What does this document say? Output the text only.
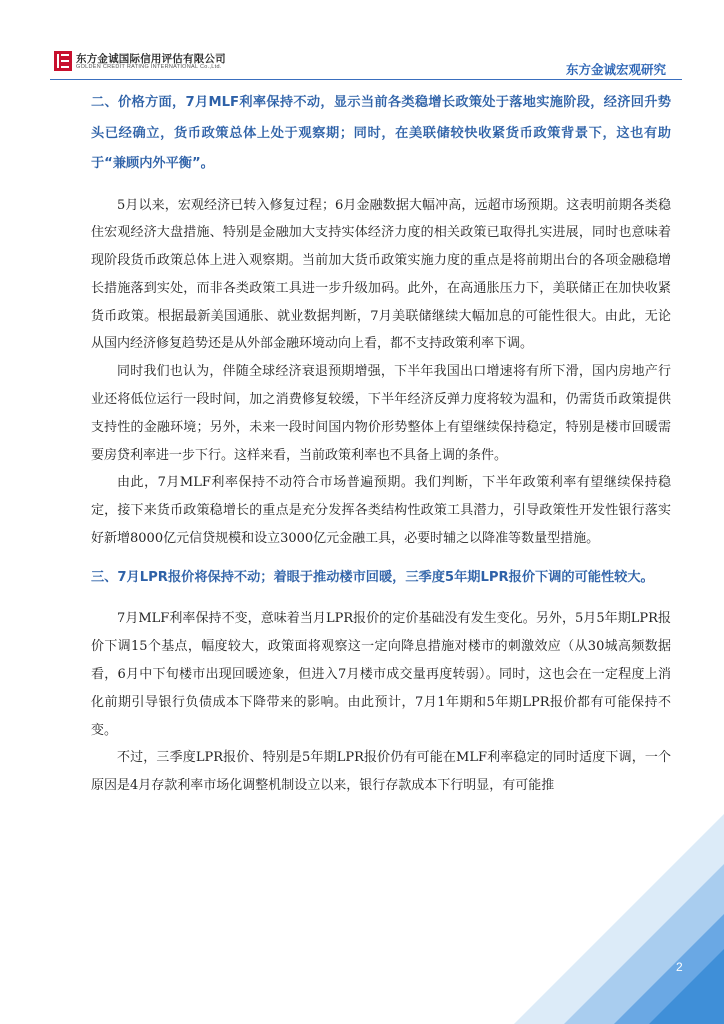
东方金诚国际信用评估有限公司
GOLDEN CREDIT RATING INTERNATIONAL Co.,Ltd.	东方金诚宏观研究

二、价格方面，7月MLF利率保持不动，显示当前各类稳增长政策处于落地实施阶段，经济回升势头已经确立，货币政策总体上处于观察期；同时，在美联储较快收紧货币政策背景下，这也有助于“兼顾内外平衡”。

5月以来，宏观经济已转入修复过程；6月金融数据大幅冲高，远超市场预期。这表明前期各类稳住宏观经济大盘措施、特别是金融加大支持实体经济力度的相关政策已取得扎实进展，同时也意味着现阶段货币政策总体上进入观察期。当前加大货币政策实施力度的重点是将前期出台的各项金融稳增长措施落到实处，而非各类政策工具进一步升级加码。此外，在高通胀压力下，美联储正在加快收紧货币政策。根据最新美国通胀、就业数据判断，7月美联储继续大幅加息的可能性很大。由此，无论从国内经济修复趋势还是从外部金融环境动向上看，都不支持政策利率下调。

同时我们也认为，伴随全球经济衰退预期增强，下半年我国出口增速将有所下滑，国内房地产行业还将低位运行一段时间，加之消费修复较缓，下半年经济反弹力度将较为温和，仍需货币政策提供支持性的金融环境；另外，未来一段时间国内物价形势整体上有望继续保持稳定，特别是楼市回暖需要房贷利率进一步下行。这样来看，当前政策利率也不具备上调的条件。

由此，7月MLF利率保持不动符合市场普遍预期。我们判断，下半年政策利率有望继续保持稳定，接下来货币政策稳增长的重点是充分发挥各类结构性政策工具潜力，引导政策性开发性银行落实好新增8000亿元信贷规模和设立3000亿元金融工具，必要时辅之以降准等数量型措施。

三、7月LPR报价将保持不动；着眼于推动楼市回暖，三季度5年期LPR报价下调的可能性较大。

7月MLF利率保持不变，意味着当月LPR报价的定价基础没有发生变化。另外，5月5年期LPR报价下调15个基点，幅度较大，政策面将观察这一定向降息措施对楼市的刺激效应（从30城高频数据看，6月中下旬楼市出现回暖迹象，但进入7月楼市成交量再度转弱）。同时，这也会在一定程度上消化前期引导银行负债成本下降带来的影响。由此预计，7月1年期和5年期LPR报价都有可能保持不变。

不过，三季度LPR报价、特别是5年期LPR报价仍有可能在MLF利率稳定的同时适度下调，一个原因是4月存款利率市场化调整机制设立以来，银行存款成本下行明显，有可能推

2
